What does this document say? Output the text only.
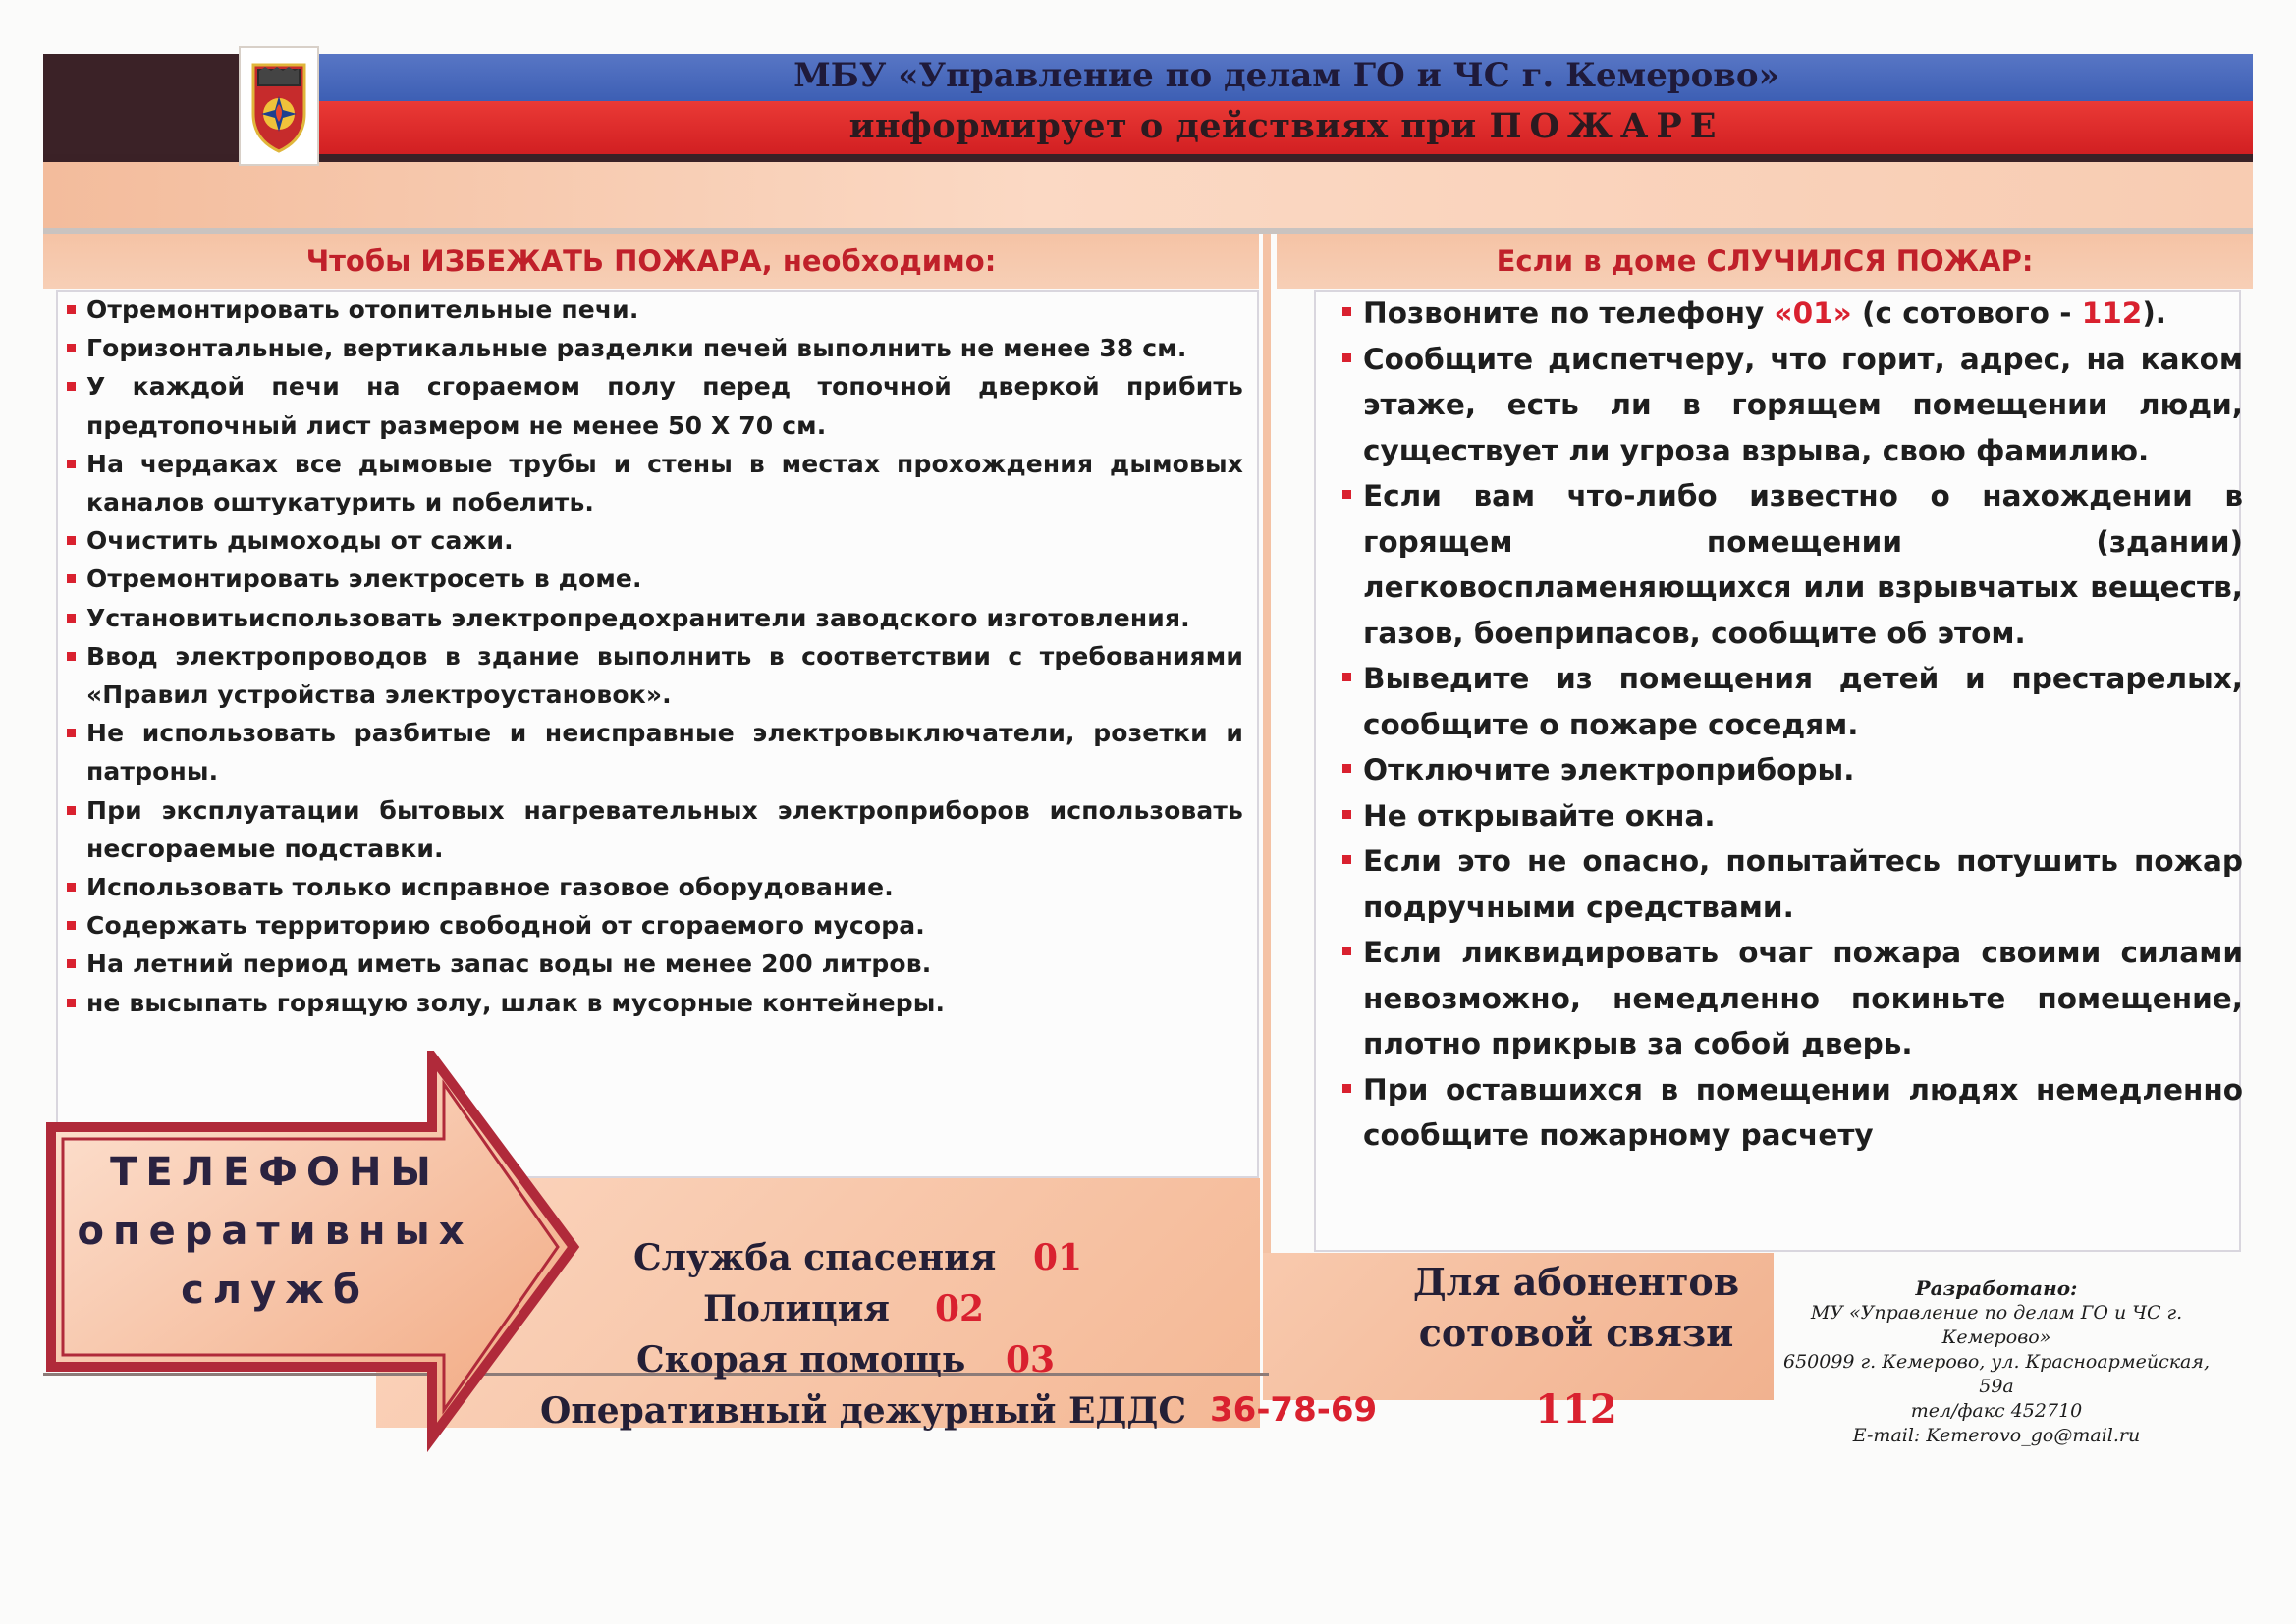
МБУ «Управление по делам ГО и ЧС г. Кемерово»
информирует о действиях при ПОЖАРЕ
Чтобы ИЗБЕЖАТЬ ПОЖАРА, необходимо:	Если в доме СЛУЧИЛСЯ ПОЖАР:
Отремонтировать отопительные печи.
Горизонтальные, вертикальные разделки печей выполнить не менее 38 см.
У каждой печи на сгораемом полу перед топочной дверкой прибить предтопочный лист размером не менее 50 Х 70 см.
На чердаках все дымовые трубы и стены в местах прохождения дымовых каналов оштукатурить и побелить.
Очистить дымоходы от сажи.
Отремонтировать электросеть в доме.
Установитьиспользовать электропредохранители заводского изготовления.
Ввод электропроводов в здание выполнить в соответствии с требованиями «Правил устройства электроустановок».
Не использовать разбитые и неисправные электровыключатели, розетки и патроны.
При эксплуатации бытовых нагревательных электроприборов использовать несгораемые подставки.
Использовать только исправное газовое оборудование.
Содержать территорию свободной от сгораемого мусора.
На летний период иметь запас воды не менее 200 литров.
не высыпать горящую золу, шлак в мусорные контейнеры.
Позвоните по телефону «01» (с сотового - 112).
Сообщите диспетчеру, что горит, адрес, на каком этаже, есть ли в горящем помещении люди, существует ли угроза взрыва, свою фамилию.
Если вам что-либо известно о нахождении в горящем помещении (здании) легковоспламеняющихся или взрывчатых веществ, газов, боеприпасов, сообщите об этом.
Выведите из помещения детей и престарелых, сообщите о пожаре соседям.
Отключите электроприборы.
Не открывайте окна.
Если это не опасно, попытайтесь потушить пожар подручными средствами.
Если ликвидировать очаг пожара своими силами невозможно, немедленно покиньте помещение, плотно прикрыв за собой дверь.
При оставшихся в помещении людях немедленно сообщите пожарному расчету
ТЕЛЕФОНЫ
оперативных
служб
Служба спасения 01
Полиция 02
Скорая помощь 03
Оперативный дежурный ЕДДС 36-78-69
Для абонентов
сотовой связи
112
Разработано:
МУ «Управление по делам ГО и ЧС г. Кемерово»
650099 г. Кемерово, ул. Красноармейская, 59а
тел/факс 452710
E-mail: Kemerovo_go@mail.ru
